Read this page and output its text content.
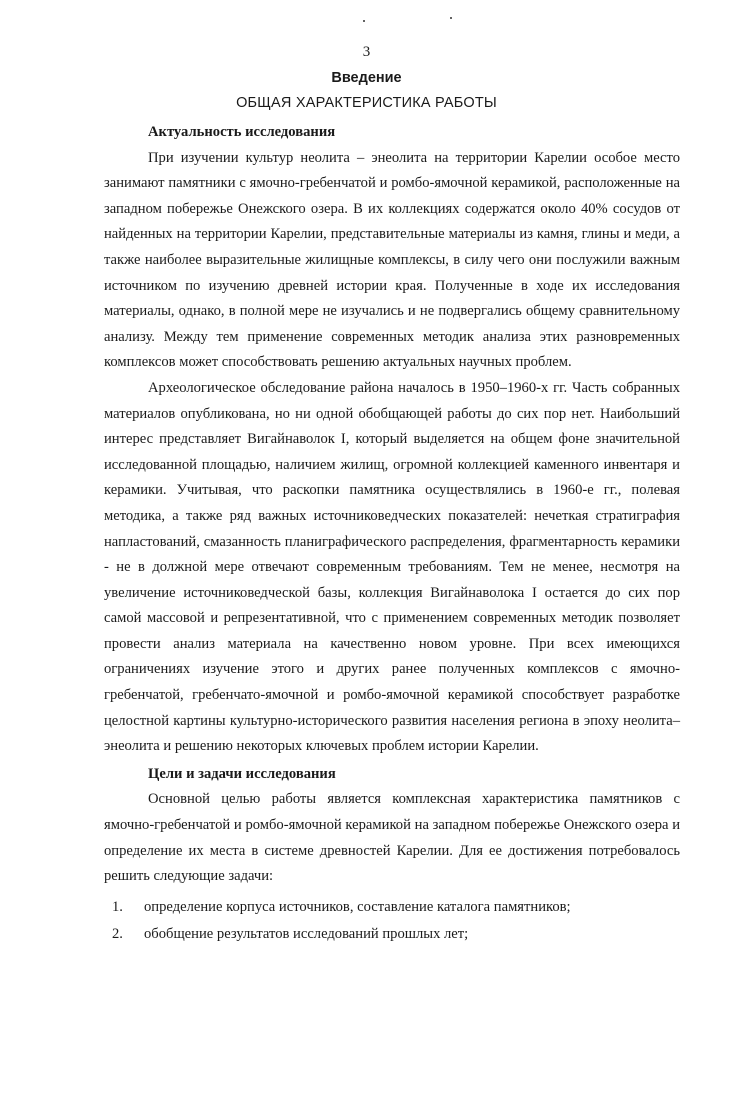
3
Введение
ОБЩАЯ ХАРАКТЕРИСТИКА РАБОТЫ
Актуальность исследования

При изучении культур неолита – энеолита на территории Карелии особое место занимают памятники с ямочно-гребенчатой и ромбо-ямочной керамикой, расположенные на западном побережье Онежского озера. В их коллекциях содержатся около 40% сосудов от найденных на территории Карелии, представительные материалы из камня, глины и меди, а также наиболее выразительные жилищные комплексы, в силу чего они послужили важным источником по изучению древней истории края. Полученные в ходе их исследования материалы, однако, в полной мере не изучались и не подвергались общему сравнительному анализу. Между тем применение современных методик анализа этих разновременных комплексов может способствовать решению актуальных научных проблем.

Археологическое обследование района началось в 1950–1960-х гг. Часть собранных материалов опубликована, но ни одной обобщающей работы до сих пор нет. Наибольший интерес представляет Вигайнаволок I, который выделяется на общем фоне значительной исследованной площадью, наличием жилищ, огромной коллекцией каменного инвентаря и керамики. Учитывая, что раскопки памятника осуществлялись в 1960-е гг., полевая методика, а также ряд важных источниковедческих показателей: нечеткая стратиграфия напластований, смазанность планиграфического распределения, фрагментарность керамики - не в должной мере отвечают современным требованиям. Тем не менее, несмотря на увеличение источниковедческой базы, коллекция Вигайнаволока I остается до сих пор самой массовой и репрезентативной, что с применением современных методик позволяет провести анализ материала на качественно новом уровне. При всех имеющихся ограничениях изучение этого и других ранее полученных комплексов с ямочно-гребенчатой, гребенчато-ямочной и ромбо-ямочной керамикой способствует разработке целостной картины культурно-исторического развития населения региона в эпоху неолита–энеолита и решению некоторых ключевых проблем истории Карелии.

Цели и задачи исследования

Основной целью работы является комплексная характеристика памятников с ямочно-гребенчатой и ромбо-ямочной керамикой на западном побережье Онежского озера и определение их места в системе древностей Карелии. Для ее достижения потребовалось решить следующие задачи:

1.	определение корпуса источников, составление каталога памятников;
2.	обобщение результатов исследований прошлых лет;
